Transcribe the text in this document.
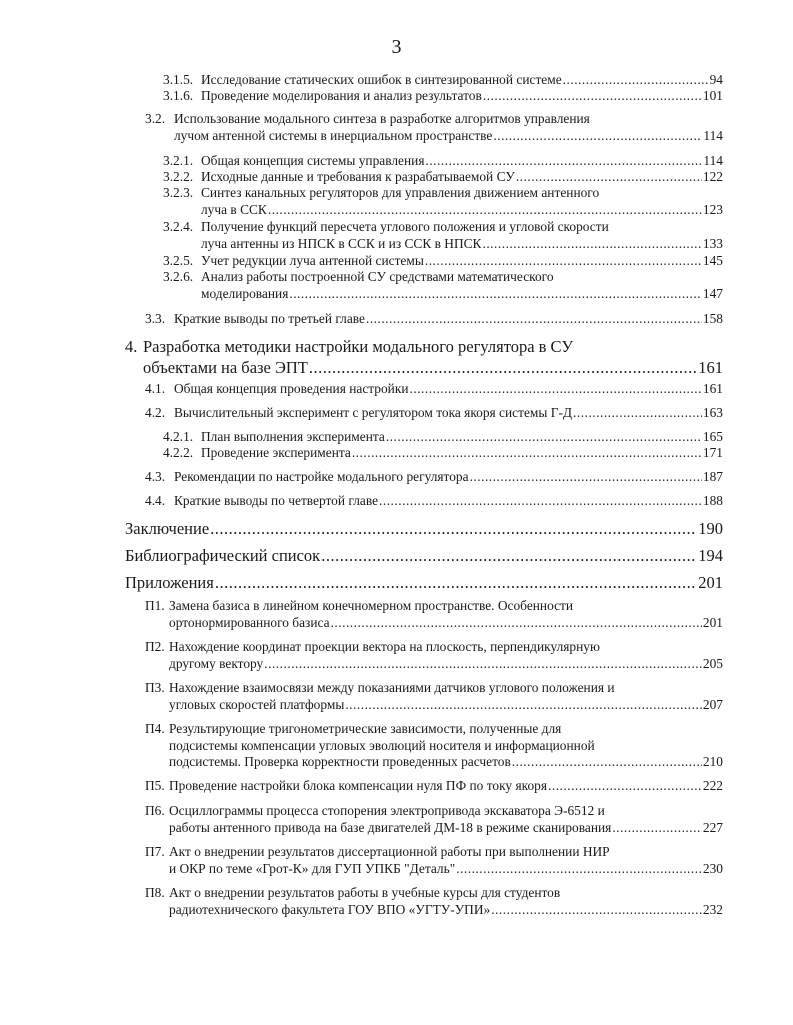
3
3.1.5. Исследование статических ошибок в синтезированной системе .....	94
3.1.6. Проведение моделирования и анализ результатов .....	101
3.2. Использование модального синтеза в разработке алгоритмов управления
лучом антенной системы в инерциальном пространстве .....	114
3.2.1. Общая концепция системы управления .....	114
3.2.2. Исходные данные и требования к разрабатываемой СУ .....	122
3.2.3. Синтез канальных регуляторов для управления движением антенного
луча в ССК .....	123
3.2.4. Получение функций пересчета углового положения и угловой скорости
луча антенны из НПСК в ССК и из ССК в НПСК .....	133
3.2.5. Учет редукции луча антенной системы .....	145
3.2.6. Анализ работы построенной СУ средствами математического
моделирования .....	147
3.3. Краткие выводы по третьей главе .....	158
4. Разработка методики настройки модального регулятора в СУ
объектами на базе ЭПТ .....	161
4.1. Общая концепция проведения настройки .....	161
4.2. Вычислительный эксперимент с регулятором тока якоря системы Г-Д .....	163
4.2.1. План выполнения эксперимента .....	165
4.2.2. Проведение эксперимента .....	171
4.3. Рекомендации по настройке модального регулятора .....	187
4.4. Краткие выводы по четвертой главе .....	188
Заключение .....	190
Библиографический список .....	194
Приложения .....	201
П1. Замена базиса в линейном конечномерном пространстве. Особенности
ортонормированного базиса .....	201
П2. Нахождение координат проекции вектора на плоскость, перпендикулярную
другому вектору .....	205
П3. Нахождение взаимосвязи между показаниями датчиков углового положения и
угловых скоростей платформы .....	207
П4. Результирующие тригонометрические зависимости, полученные для
подсистемы компенсации угловых эволюций носителя и информационной
подсистемы. Проверка корректности проведенных расчетов .....	210
П5. Проведение настройки блока компенсации нуля ПФ по току якоря .....	222
П6. Осциллограммы процесса стопорения электропривода экскаватора Э-6512 и
работы антенного привода на базе двигателей ДМ-18 в режиме сканирования .....	227
П7. Акт о внедрении результатов диссертационной работы при выполнении НИР
и ОКР по теме «Грот-К» для ГУП УПКБ "Деталь" .....	230
П8. Акт о внедрении результатов работы в учебные курсы для студентов
радиотехнического факультета ГОУ ВПО «УГТУ-УПИ» .....	232
